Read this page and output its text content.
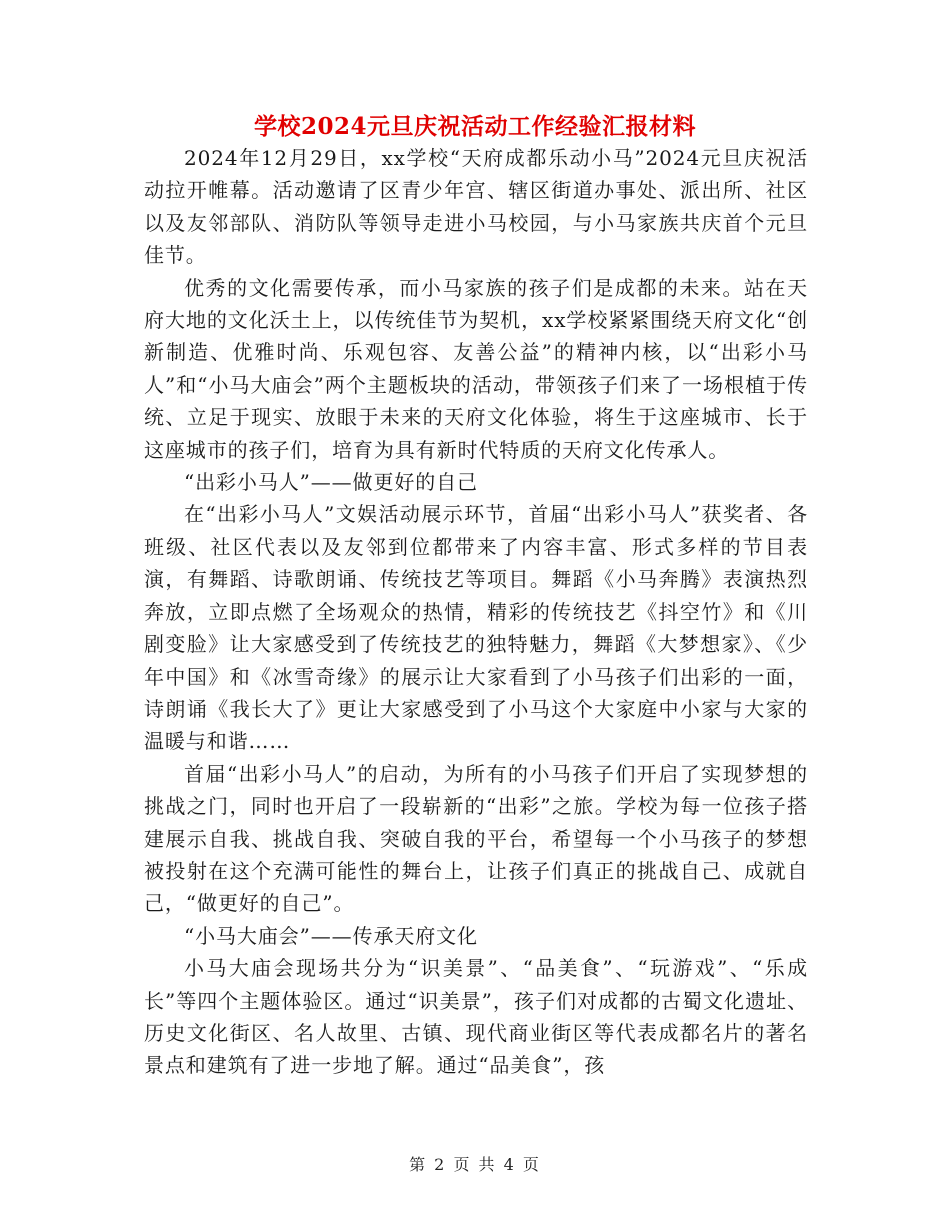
学校2024元旦庆祝活动工作经验汇报材料

2024年12月29日，xx学校“天府成都乐动小马”2024元旦庆祝活动拉开帷幕。活动邀请了区青少年宫、辖区街道办事处、派出所、社区以及友邻部队、消防队等领导走进小马校园，与小马家族共庆首个元旦佳节。

优秀的文化需要传承，而小马家族的孩子们是成都的未来。站在天府大地的文化沃土上，以传统佳节为契机，xx学校紧紧围绕天府文化“创新制造、优雅时尚、乐观包容、友善公益”的精神内核，以“出彩小马人”和“小马大庙会”两个主题板块的活动，带领孩子们来了一场根植于传统、立足于现实、放眼于未来的天府文化体验，将生于这座城市、长于这座城市的孩子们，培育为具有新时代特质的天府文化传承人。

“出彩小马人”——做更好的自己

在“出彩小马人”文娱活动展示环节，首届“出彩小马人”获奖者、各班级、社区代表以及友邻到位都带来了内容丰富、形式多样的节目表演，有舞蹈、诗歌朗诵、传统技艺等项目。舞蹈《小马奔腾》表演热烈奔放，立即点燃了全场观众的热情，精彩的传统技艺《抖空竹》和《川剧变脸》让大家感受到了传统技艺的独特魅力，舞蹈《大梦想家》、《少年中国》和《冰雪奇缘》的展示让大家看到了小马孩子们出彩的一面，诗朗诵《我长大了》更让大家感受到了小马这个大家庭中小家与大家的温暖与和谐……

首届“出彩小马人”的启动，为所有的小马孩子们开启了实现梦想的挑战之门，同时也开启了一段崭新的“出彩”之旅。学校为每一位孩子搭建展示自我、挑战自我、突破自我的平台，希望每一个小马孩子的梦想被投射在这个充满可能性的舞台上，让孩子们真正的挑战自己、成就自己，“做更好的自己”。

“小马大庙会”——传承天府文化

小马大庙会现场共分为“识美景”、“品美食”、“玩游戏”、“乐成长”等四个主题体验区。通过“识美景”，孩子们对成都的古蜀文化遗址、历史文化街区、名人故里、古镇、现代商业街区等代表成都名片的著名景点和建筑有了进一步地了解。通过“品美食”，孩

第 2 页 共 4 页
